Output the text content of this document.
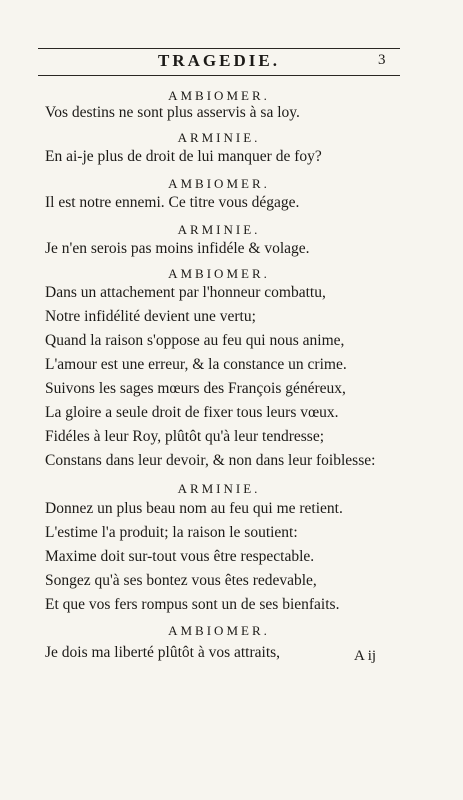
TRAGEDIE.	3
AMBIOMER.
Vos destins ne sont plus asservis à sa loy.
ARMINIE.
En ai-je plus de droit de lui manquer de foy?
AMBIOMER.
Il est notre ennemi. Ce titre vous dégage.
ARMINIE.
Je n'en serois pas moins infidéle & volage.
AMBIOMER.
Dans un attachement par l'honneur combattu,
Notre infidélité devient une vertu;
Quand la raison s'oppose au feu qui nous anime,
L'amour est une erreur, & la constance un crime.
Suivons les sages mœurs des François généreux,
La gloire a seule droit de fixer tous leurs vœux.
Fidéles à leur Roy, plûtôt qu'à leur tendresse;
Constans dans leur devoir, & non dans leur foiblesse:
ARMINIE.
Donnez un plus beau nom au feu qui me retient.
L'estime l'a produit; la raison le soutient:
Maxime doit sur-tout vous être respectable.
Songez qu'à ses bontez vous êtes redevable,
Et que vos fers rompus sont un de ses bienfaits.
AMBIOMER.
Je dois ma liberté plûtôt à vos attraits,	A ij
